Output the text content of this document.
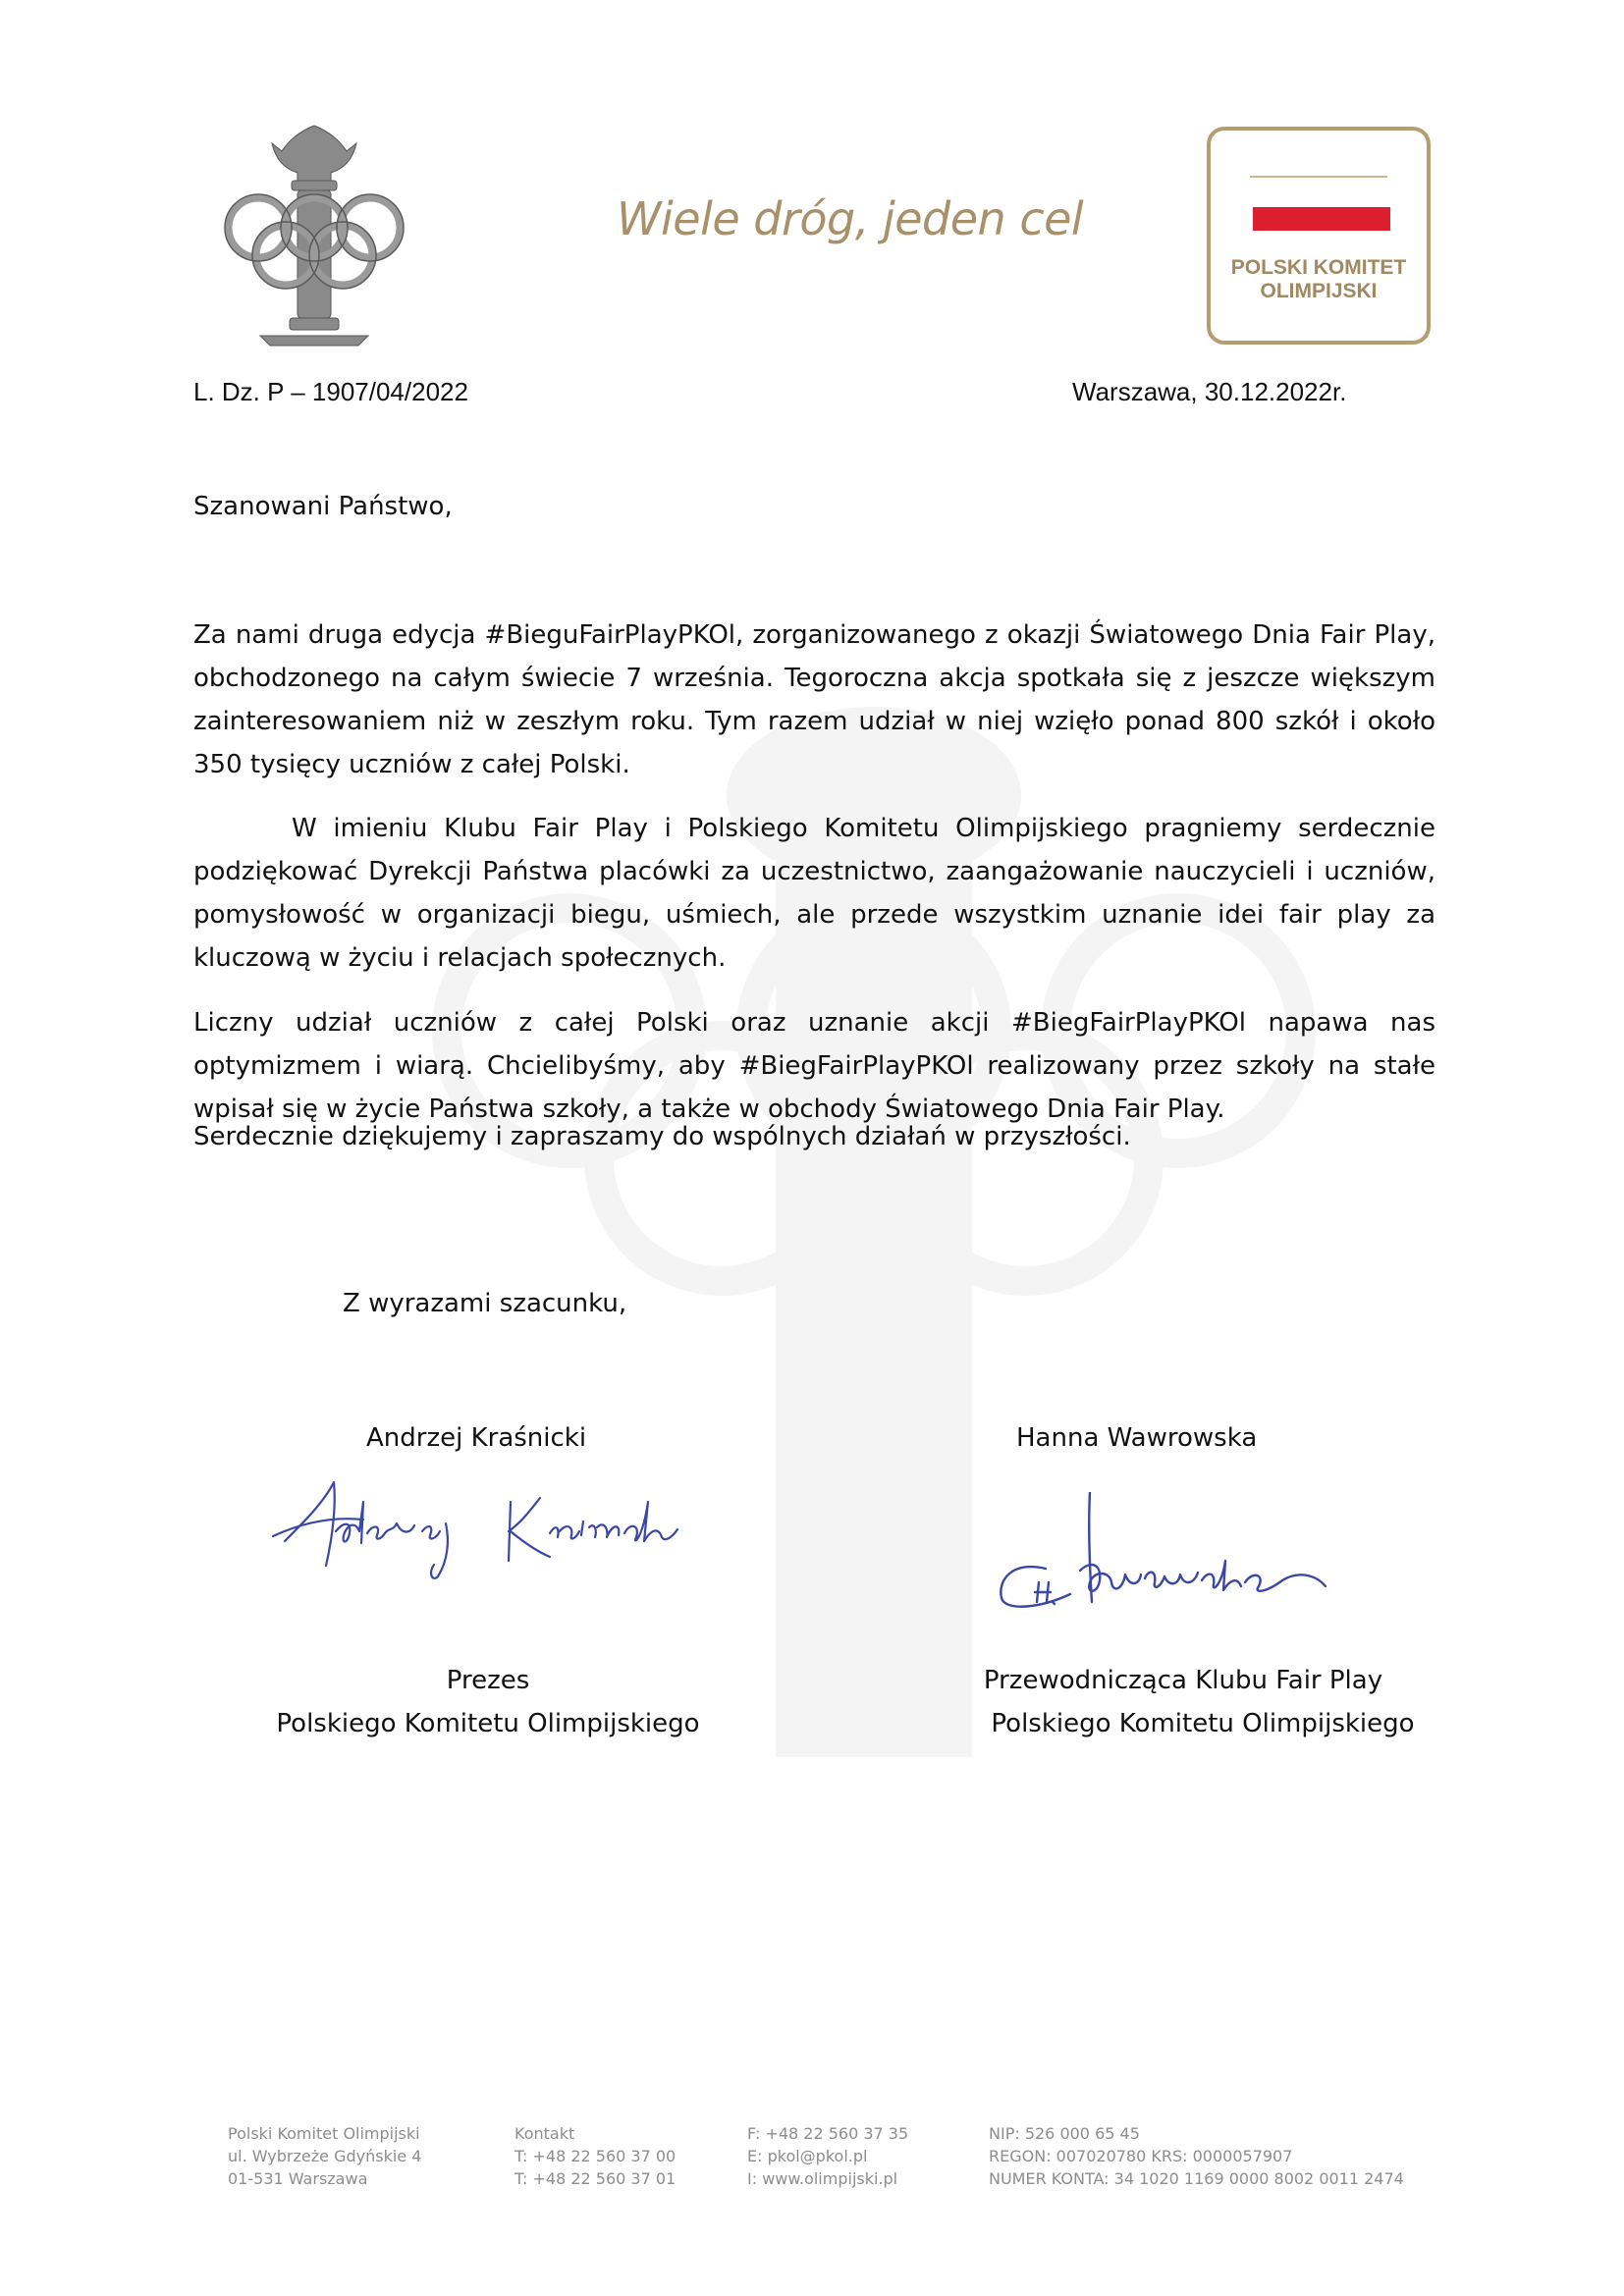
Wiele dróg, jeden cel
POLSKI KOMITET
OLIMPIJSKI
L. Dz. P – 1907/04/2022	Warszawa, 30.12.2022r.
Szanowani Państwo,
Za nami druga edycja #BieguFairPlayPKOl, zorganizowanego z okazji Światowego Dnia Fair Play, obchodzonego na całym świecie 7 września. Tegoroczna akcja spotkała się z jeszcze większym zainteresowaniem niż w zeszłym roku. Tym razem udział w niej wzięło ponad 800 szkół i około 350 tysięcy uczniów z całej Polski.
W imieniu Klubu Fair Play i Polskiego Komitetu Olimpijskiego pragniemy serdecznie podziękować Dyrekcji Państwa placówki za uczestnictwo, zaangażowanie nauczycieli i uczniów, pomysłowość w organizacji biegu, uśmiech, ale przede wszystkim uznanie idei fair play za kluczową w życiu i relacjach społecznych.
Liczny udział uczniów z całej Polski oraz uznanie akcji #BiegFairPlayPKOl napawa nas optymizmem i wiarą. Chcielibyśmy, aby #BiegFairPlayPKOl realizowany przez szkoły na stałe wpisał się w życie Państwa szkoły, a także w obchody Światowego Dnia Fair Play.
Serdecznie dziękujemy i zapraszamy do wspólnych działań w przyszłości.
Z wyrazami szacunku,
Andrzej Kraśnicki	Hanna Wawrowska
Prezes
Polskiego Komitetu Olimpijskiego
Przewodnicząca Klubu Fair Play
Polskiego Komitetu Olimpijskiego
Polski Komitet Olimpijski
ul. Wybrzeże Gdyńskie 4
01-531 Warszawa
Kontakt
T: +48 22 560 37 00
T: +48 22 560 37 01
F: +48 22 560 37 35
E: pkol@pkol.pl
I: www.olimpijski.pl
NIP: 526 000 65 45
REGON: 007020780 KRS: 0000057907
NUMER KONTA: 34 1020 1169 0000 8002 0011 2474
